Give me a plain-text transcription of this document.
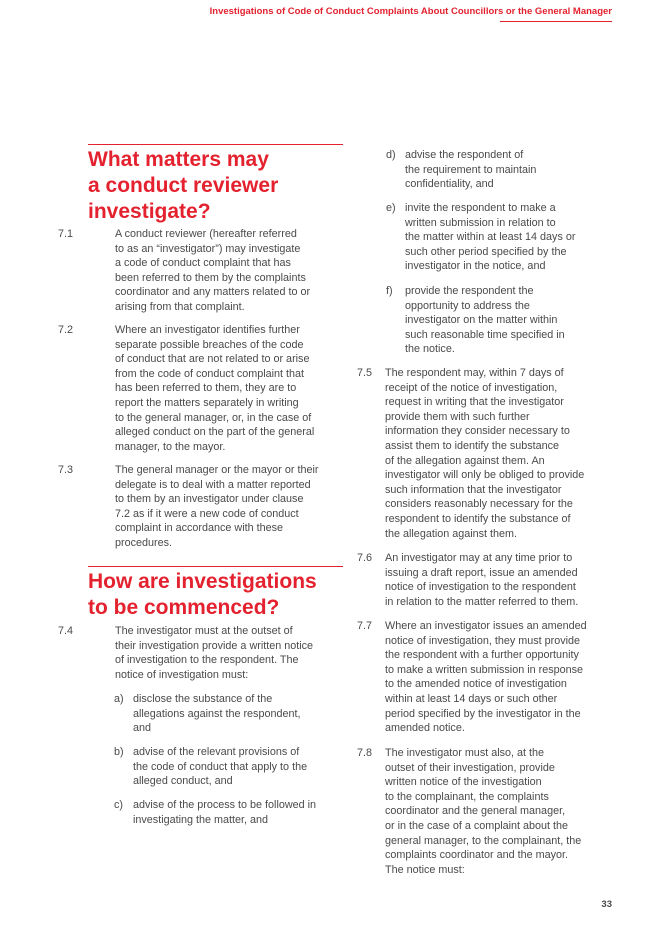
Investigations of Code of Conduct Complaints About Councillors or the General Manager
What matters may
a conduct reviewer
investigate?
7.1	A conduct reviewer (hereafter referred
to as an “investigator”) may investigate
a code of conduct complaint that has
been referred to them by the complaints
coordinator and any matters related to or
arising from that complaint.
7.2	Where an investigator identifies further
separate possible breaches of the code
of conduct that are not related to or arise
from the code of conduct complaint that
has been referred to them, they are to
report the matters separately in writing
to the general manager, or, in the case of
alleged conduct on the part of the general
manager, to the mayor.
7.3	The general manager or the mayor or their
delegate is to deal with a matter reported
to them by an investigator under clause
7.2 as if it were a new code of conduct
complaint in accordance with these
procedures.
How are investigations
to be commenced?
7.4	The investigator must at the outset of
their investigation provide a written notice
of investigation to the respondent. The
notice of investigation must:
a) disclose the substance of the
allegations against the respondent,
and
b) advise of the relevant provisions of
the code of conduct that apply to the
alleged conduct, and
c) advise of the process to be followed in
investigating the matter, and
d) advise the respondent of
the requirement to maintain
confidentiality, and
e) invite the respondent to make a
written submission in relation to
the matter within at least 14 days or
such other period specified by the
investigator in the notice, and
f) provide the respondent the
opportunity to address the
investigator on the matter within
such reasonable time specified in
the notice.
7.5 The respondent may, within 7 days of
receipt of the notice of investigation,
request in writing that the investigator
provide them with such further
information they consider necessary to
assist them to identify the substance
of the allegation against them. An
investigator will only be obliged to provide
such information that the investigator
considers reasonably necessary for the
respondent to identify the substance of
the allegation against them.
7.6 An investigator may at any time prior to
issuing a draft report, issue an amended
notice of investigation to the respondent
in relation to the matter referred to them.
7.7 Where an investigator issues an amended
notice of investigation, they must provide
the respondent with a further opportunity
to make a written submission in response
to the amended notice of investigation
within at least 14 days or such other
period specified by the investigator in the
amended notice.
7.8 The investigator must also, at the
outset of their investigation, provide
written notice of the investigation
to the complainant, the complaints
coordinator and the general manager,
or in the case of a complaint about the
general manager, to the complainant, the
complaints coordinator and the mayor.
The notice must:
33
